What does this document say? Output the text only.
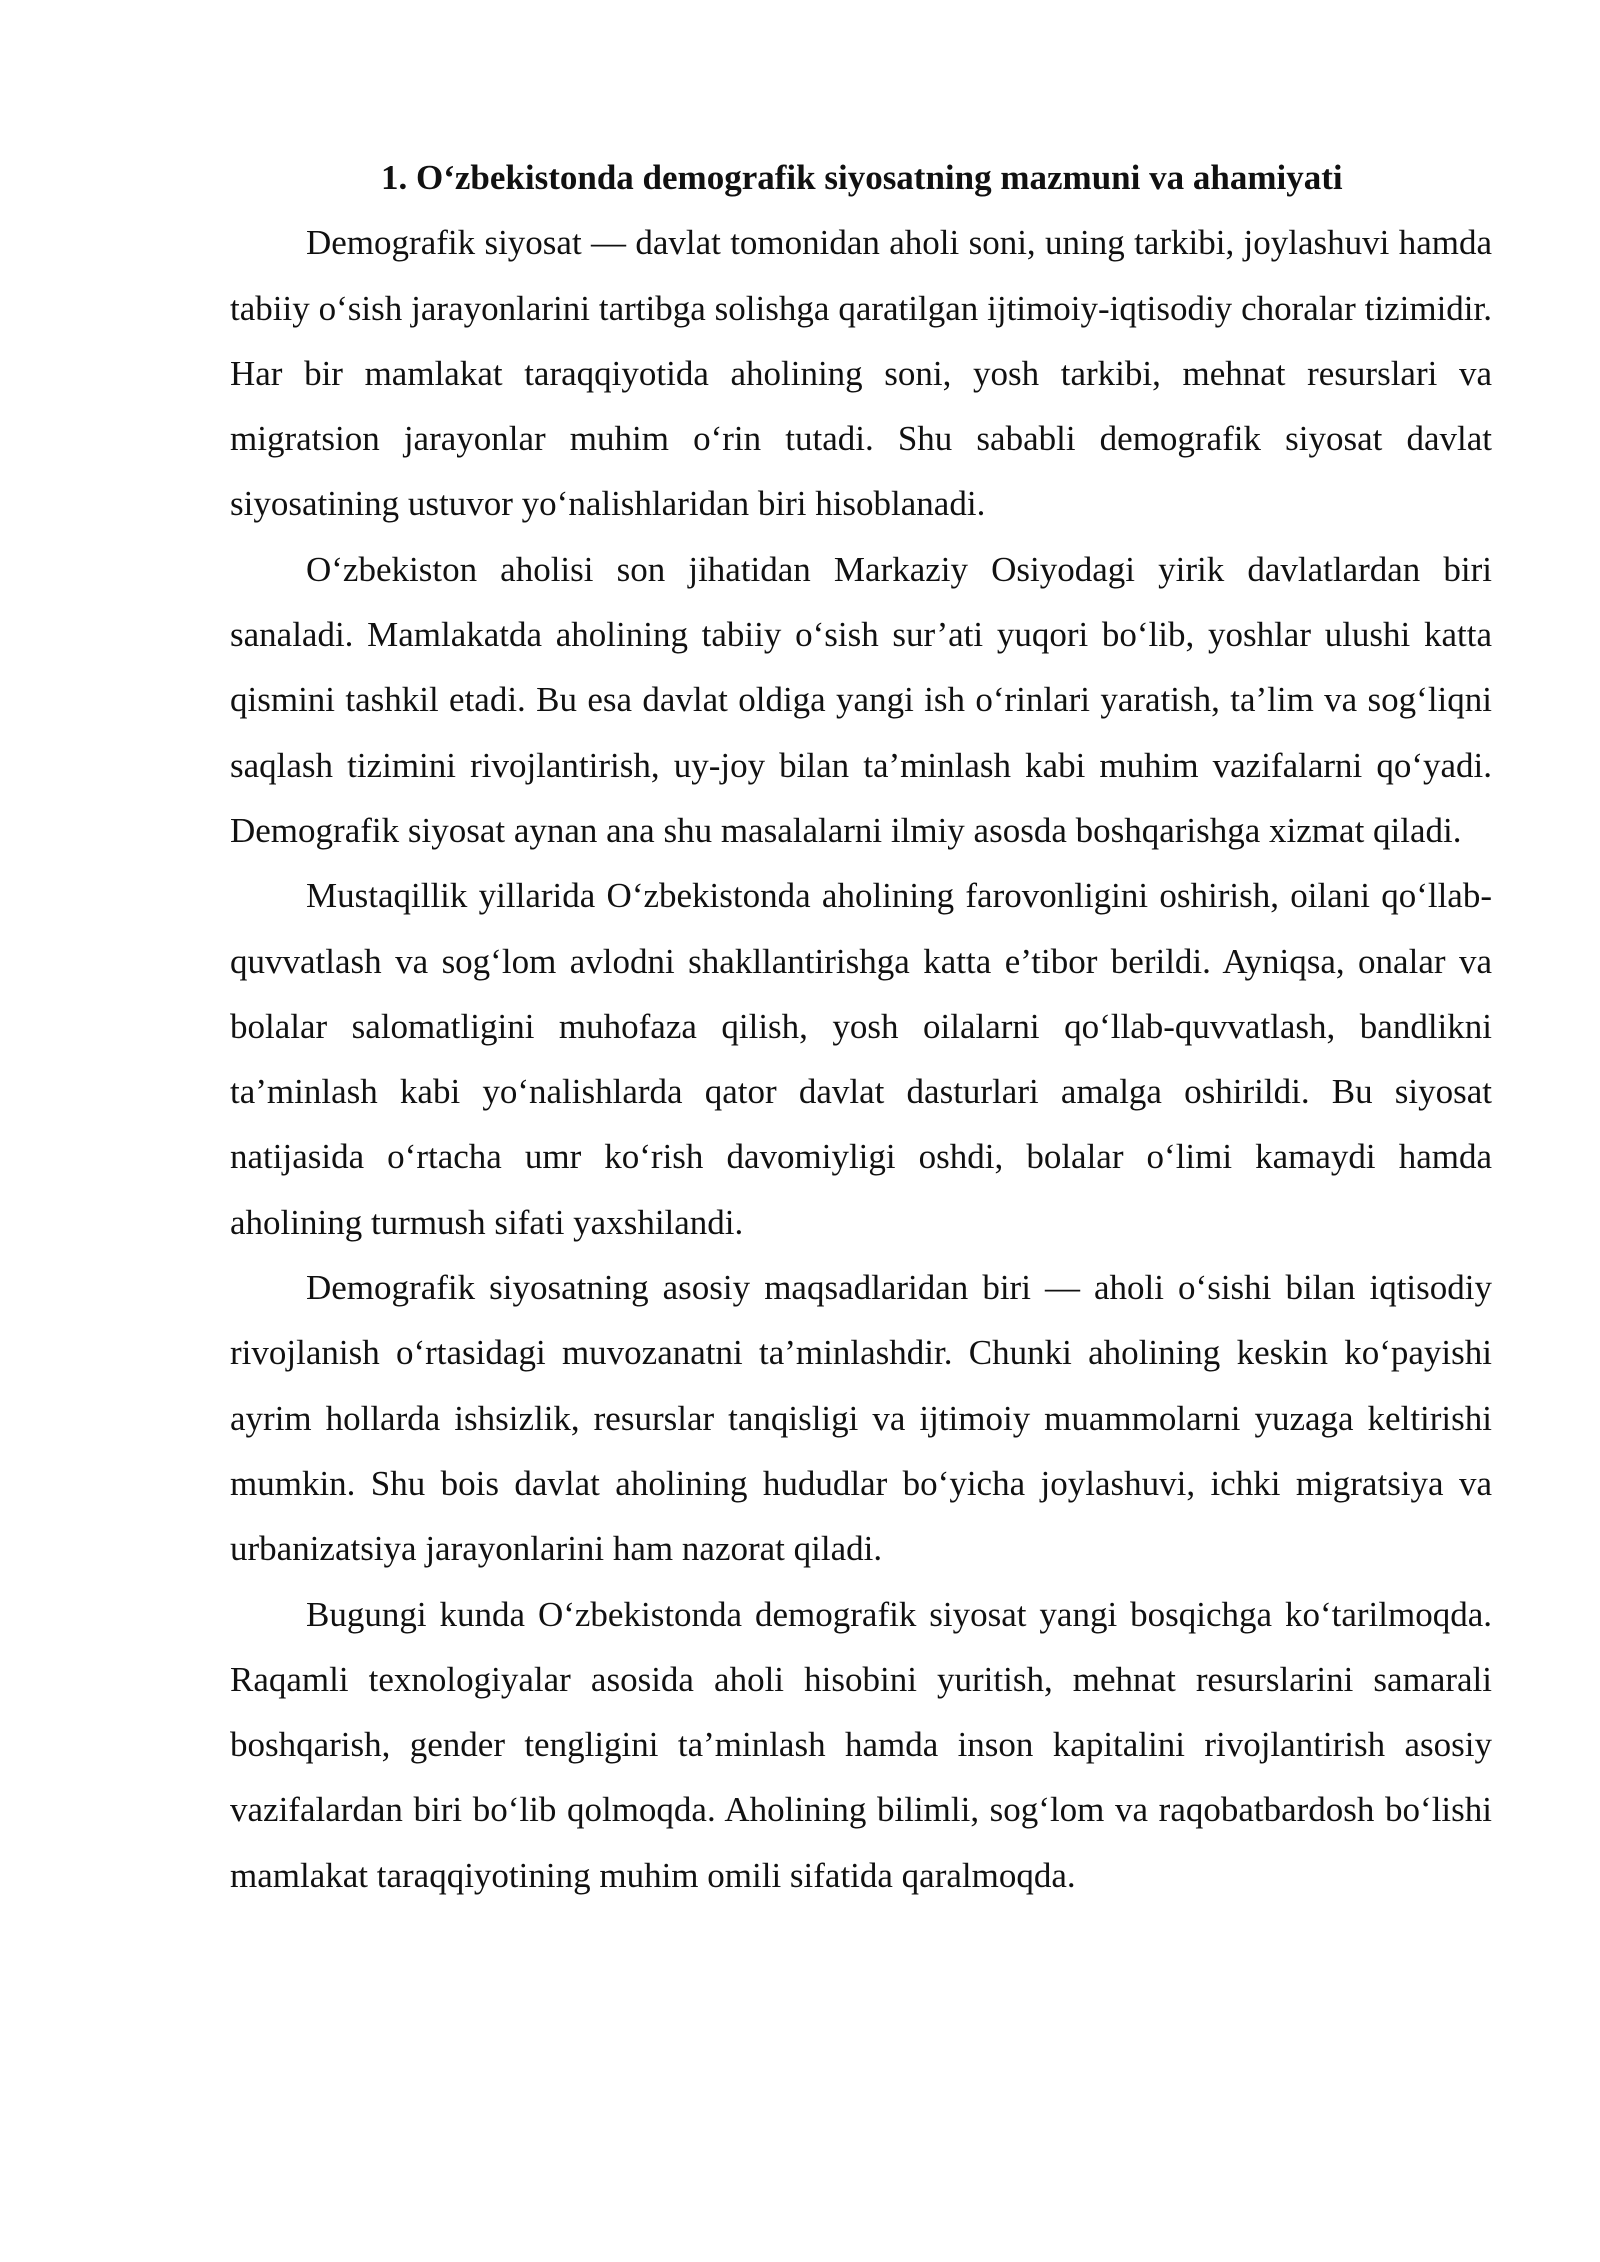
1. O‘zbekistonda demografik siyosatning mazmuni va ahamiyati

Demografik siyosat — davlat tomonidan aholi soni, uning tarkibi, joylashuvi hamda tabiiy o‘sish jarayonlarini tartibga solishga qaratilgan ijtimoiy-iqtisodiy choralar tizimidir. Har bir mamlakat taraqqiyotida aholining soni, yosh tarkibi, mehnat resurslari va migratsion jarayonlar muhim o‘rin tutadi. Shu sababli demografik siyosat davlat siyosatining ustuvor yo‘nalishlaridan biri hisoblanadi.

O‘zbekiston aholisi son jihatidan Markaziy Osiyodagi yirik davlatlardan biri sanaladi. Mamlakatda aholining tabiiy o‘sish sur’ati yuqori bo‘lib, yoshlar ulushi katta qismini tashkil etadi. Bu esa davlat oldiga yangi ish o‘rinlari yaratish, ta’lim va sog‘liqni saqlash tizimini rivojlantirish, uy-joy bilan ta’minlash kabi muhim vazifalarni qo‘yadi. Demografik siyosat aynan ana shu masalalarni ilmiy asosda boshqarishga xizmat qiladi.

Mustaqillik yillarida O‘zbekistonda aholining farovonligini oshirish, oilani qo‘llab-quvvatlash va sog‘lom avlodni shakllantirishga katta e’tibor berildi. Ayniqsa, onalar va bolalar salomatligini muhofaza qilish, yosh oilalarni qo‘llab-quvvatlash, bandlikni ta’minlash kabi yo‘nalishlarda qator davlat dasturlari amalga oshirildi. Bu siyosat natijasida o‘rtacha umr ko‘rish davomiyligi oshdi, bolalar o‘limi kamaydi hamda aholining turmush sifati yaxshilandi.

Demografik siyosatning asosiy maqsadlaridan biri — aholi o‘sishi bilan iqtisodiy rivojlanish o‘rtasidagi muvozanatni ta’minlashdir. Chunki aholining keskin ko‘payishi ayrim hollarda ishsizlik, resurslar tanqisligi va ijtimoiy muammolarni yuzaga keltirishi mumkin. Shu bois davlat aholining hududlar bo‘yicha joylashuvi, ichki migratsiya va urbanizatsiya jarayonlarini ham nazorat qiladi.

Bugungi kunda O‘zbekistonda demografik siyosat yangi bosqichga ko‘tarilmoqda. Raqamli texnologiyalar asosida aholi hisobini yuritish, mehnat resurslarini samarali boshqarish, gender tengligini ta’minlash hamda inson kapitalini rivojlantirish asosiy vazifalardan biri bo‘lib qolmoqda. Aholining bilimli, sog‘lom va raqobatbardosh bo‘lishi mamlakat taraqqiyotining muhim omili sifatida qaralmoqda.
